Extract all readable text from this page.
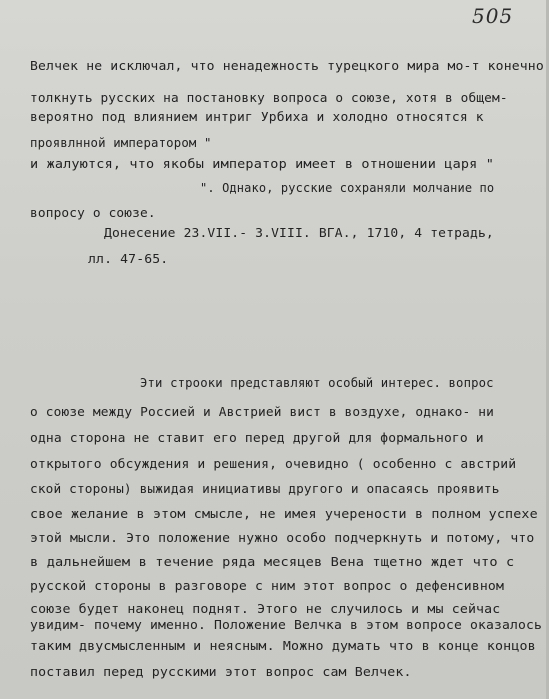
505
Велчек не исключал, что ненадежность турецкого мира мо-т конечно
толкнуть русских на постановку вопроса о союзе, хотя в общем-
вероятно под влиянием интриг Урбиха и холодно относятся к
проявлнной императором "
и жалуются, что якобы император имеет в отношении царя "
". Однако, русские сохраняли молчание по
вопросу о союзе.
Донесение 23.VII.- 3.VIII. ВГА., 1710, 4 тетрадь,
лл. 47-65.
Эти строоки представляют особый интерес. вопрос
о союзе между Россией и Австрией вист в воздухе, однако- ни
одна сторона не ставит его перед другой для формального и
открытого обсуждения и решения, очевидно ( особенно с австрий
ской стороны) выжидая инициативы другого и опасаясь проявить
свое желание в этом смысле, не имея учерености в полном успехе
этой мысли. Это положение нужно особо подчеркнуть и потому, что
в дальнейшем в течение ряда месяцев Вена тщетно ждет что с
русской стороны в разговоре с ним этот вопрос о дефенсивном
союзе будет наконец поднят. Этого не случилось и мы сейчас
увидим- почему именно. Положение Велчка в этом вопросе оказалось
таким двусмысленным и неясным. Можно думать что в конце концов
поставил перед русскими этот вопрос сам Велчек.
